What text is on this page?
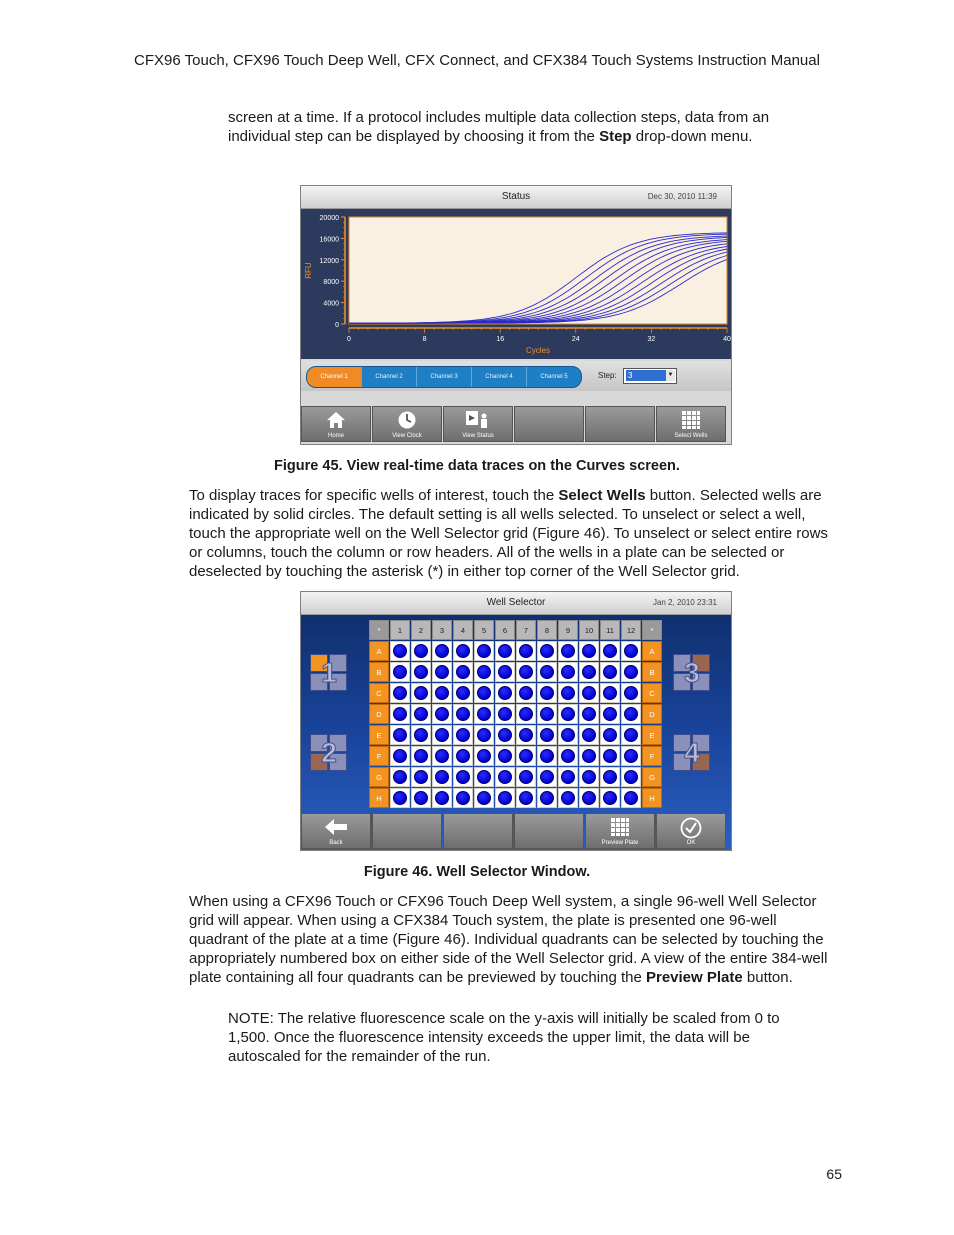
CFX96 Touch, CFX96 Touch Deep Well, CFX Connect, and CFX384 Touch Systems Instruction Manual

screen at a time. If a protocol includes multiple data collection steps, data from an individual step can be displayed by choosing it from the Step drop-down menu.

Status	Dec 30, 2010 11:39
0
4000
8000
12000
16000
20000
RFU
0	8	16	24	32	40
Cycles
Channel 1	Channel 2	Channel 3	Channel 4	Channel 5	Step: 3	▼
Home	View Clock	View Status	Select Wells
Figure 45. View real-time data traces on the Curves screen.

To display traces for specific wells of interest, touch the Select Wells button. Selected wells are indicated by solid circles. The default setting is all wells selected. To unselect or select a well, touch the appropriate well on the Well Selector grid (Figure 46). To unselect or select entire rows or columns, touch the column or row headers. All of the wells in a plate can be selected or deselected by touching the asterisk (*) in either top corner of the Well Selector grid.

Well Selector	Jan 2, 2010 23:31
*	1	2	3	4	5	6	7	8	9	10	11	12	*
A	A
B	B
C	C
D	D
E	E
F	F
G	G
H	H
1
2
3
4
Back	Preview Plate	OK
Figure 46. Well Selector Window.

When using a CFX96 Touch or CFX96 Touch Deep Well system, a single 96-well Well Selector grid will appear. When using a CFX384 Touch system, the plate is presented one 96-well quadrant of the plate at a time (Figure 46). Individual quadrants can be selected by touching the appropriately numbered box on either side of the Well Selector grid. A view of the entire 384-well plate containing all four quadrants can be previewed by touching the Preview Plate button.

NOTE: The relative fluorescence scale on the y-axis will initially be scaled from 0 to 1,500. Once the fluorescence intensity exceeds the upper limit, the data will be autoscaled for the remainder of the run.

65
